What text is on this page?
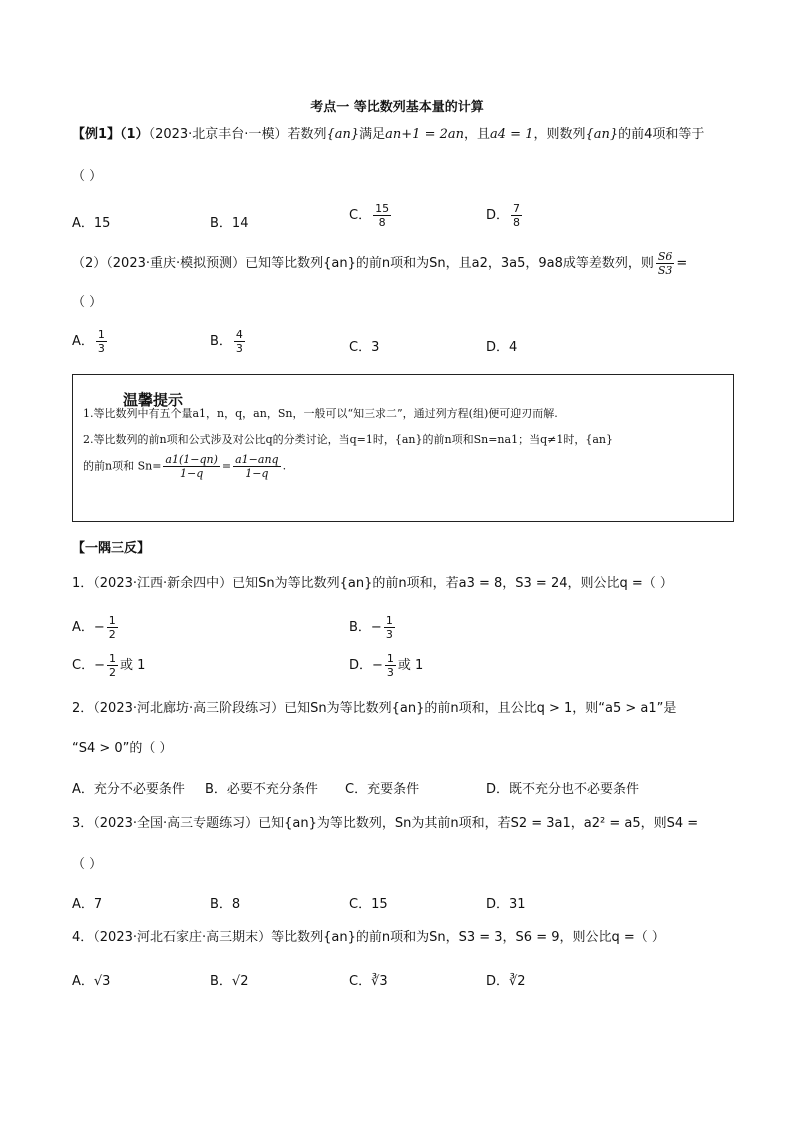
考点一 等比数列基本量的计算
【例1】（1）（2023·北京丰台·一模）若数列{an}满足an+1 = 2an，且a4 = 1，则数列{an}的前4项和等于
（ ）
A．15	B．14
C． $\frac{15}{8}$	D． $\frac{7}{8}$
（2）（2023·重庆·模拟预测）已知等比数列{an}的前n项和为Sn，且a2，3a5，9a8成等差数列，则 $\frac{S6}{S3}$ =
（ ）
A． $\frac{1}{3}$	B． $\frac{4}{3}$	C．3	D．4
温馨提示
1.等比数列中有五个量a1，n，q，an，Sn，一般可以“知三求二”，通过列方程(组)便可迎刃而解.
2.等比数列的前n项和公式涉及对公比q的分类讨论，当q=1时，{an}的前n项和Sn=na1；当q≠1时，{an}
的前n项和 $Sn= \frac{a1(1-qn)}{1-q} = \frac{\text{a1−anq}}{1-q}$ .
【一隅三反】
1．（2023·江西·新余四中）已知Sn为等比数列{an}的前n项和，若a3 = 8，S3 = 24，则公比q =（ ）
A．− $\frac{1}{2}$	B．− $\frac{1}{3}$
C．− $\frac{1}{2}$ 或 1	D．− $\frac{1}{3}$ 或 1
2．（2023·河北廊坊·高三阶段练习）已知Sn为等比数列{an}的前n项和，且公比q > 1，则“a5 > a1”是
“S4 > 0”的（ ）
A．充分不必要条件 B．必要不充分条件 C．充要条件	D．既不充分也不必要条件
3．（2023·全国·高三专题练习）已知{an}为等比数列，Sn为其前n项和，若S2 = 3a1，a2² = a5，则S4 =
（ ）
A．7	B．8	C．15	D．31
4．（2023·河北石家庄·高三期末）等比数列{an}的前n项和为Sn，S3 = 3，S6 = 9，则公比q =（ ）
A．√3	B．√2	C．∛3	D．∛2
